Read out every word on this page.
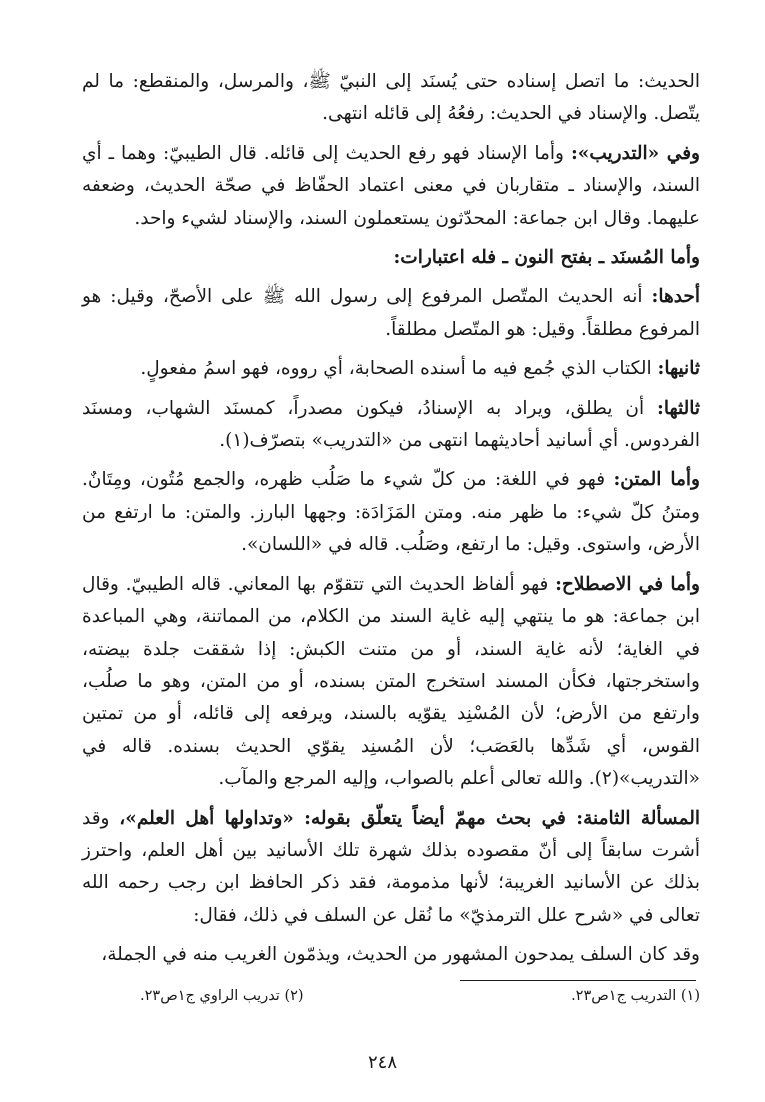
الحديث: ما اتصل إسناده حتى يُسنَد إلى النبيّ ﷺ، والمرسل، والمنقطع: ما لم يتّصل. والإسناد في الحديث: رفعُهُ إلى قائله انتهى.

وفي «التدريب»: وأما الإسناد فهو رفع الحديث إلى قائله. قال الطيبيّ: وهما ـ أي السند، والإسناد ـ متقاربان في معنى اعتماد الحفّاظ في صحّة الحديث، وضعفه عليهما. وقال ابن جماعة: المحدّثون يستعملون السند، والإسناد لشيء واحد.

وأما المُسنَد ـ بفتح النون ـ فله اعتبارات:

أحدها: أنه الحديث المتّصل المرفوع إلى رسول الله ﷺ على الأصحّ، وقيل: هو المرفوع مطلقاً. وقيل: هو المتّصل مطلقاً.

ثانيها: الكتاب الذي جُمع فيه ما أسنده الصحابة، أي رووه، فهو اسمُ مفعولٍ.

ثالثها: أن يطلق، ويراد به الإسنادُ، فيكون مصدراً، كمسنَد الشهاب، ومسنَد الفردوس. أي أسانيد أحاديثهما انتهى من «التدريب» بتصرّف(١).

وأما المتن: فهو في اللغة: من كلّ شيء ما صَلُب ظهره، والجمع مُتُون، ومِتَانٌ. ومتنُ كلّ شيء: ما ظهر منه. ومتن المَزَادَة: وجهها البارز. والمتن: ما ارتفع من الأرض، واستوى. وقيل: ما ارتفع، وصَلُب. قاله في «اللسان».

وأما في الاصطلاح: فهو ألفاظ الحديث التي تتقوّم بها المعاني. قاله الطيبيّ. وقال ابن جماعة: هو ما ينتهي إليه غاية السند من الكلام، من المماتنة، وهي المباعدة في الغاية؛ لأنه غاية السند، أو من متنت الكبش: إذا شققت جلدة بيضته، واستخرجتها، فكأن المسند استخرج المتن بسنده، أو من المتن، وهو ما صلُب، وارتفع من الأرض؛ لأن المُسْنِد يقوّيه بالسند، ويرفعه إلى قائله، أو من تمتين القوس، أي شَدِّها بالعَصَب؛ لأن المُسنِد يقوّي الحديث بسنده. قاله في «التدريب»(٢). والله تعالى أعلم بالصواب، وإليه المرجع والمآب.

المسألة الثامنة: في بحث مهمّ أيضاً يتعلّق بقوله: «وتداولها أهل العلم»، وقد أشرت سابقاً إلى أنّ مقصوده بذلك شهرة تلك الأسانيد بين أهل العلم، واحترز بذلك عن الأسانيد الغريبة؛ لأنها مذمومة، فقد ذكر الحافظ ابن رجب رحمه الله تعالى في «شرح علل الترمذيّ» ما نُقل عن السلف في ذلك، فقال:

وقد كان السلف يمدحون المشهور من الحديث، ويذمّون الغريب منه في الجملة،

(١) التدريب ج١ص٢٣.
(٢) تدريب الراوي ج١ص٢٣.
٢٤٨
